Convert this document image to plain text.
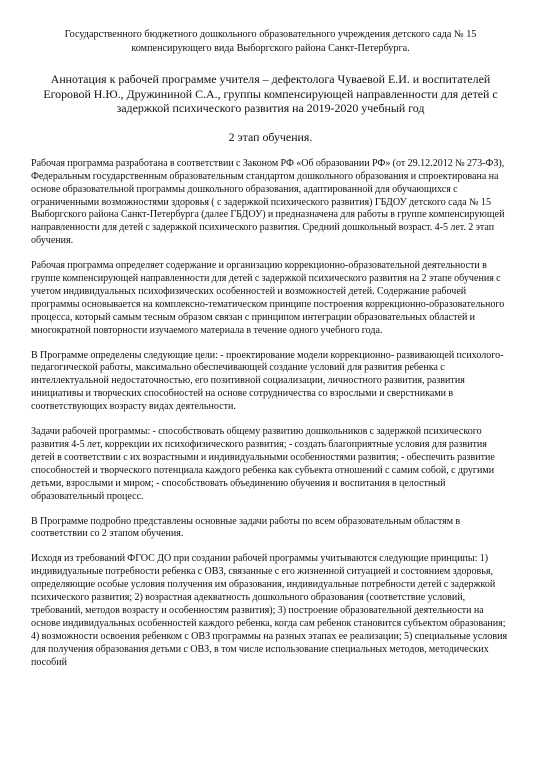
Государственного бюджетного дошкольного образовательного учреждения детского сада № 15 компенсирующего вида Выборгского района Санкт-Петербурга.
Аннотация к рабочей программе учителя – дефектолога Чуваевой Е.И. и воспитателей Егоровой Н.Ю., Дружининой С.А., группы компенсирующей направленности для детей с задержкой психического развития на 2019-2020 учебный год
2 этап обучения.

Рабочая программа разработана в соответствии с Законом РФ «Об образовании РФ» (от 29.12.2012 № 273-ФЗ), Федеральным государственным образовательным стандартом дошкольного образования и спроектирована на основе образовательной программы дошкольного образования, адаптированной для обучающихся с ограниченными возможностями здоровья ( с задержкой психического развития) ГБДОУ детского сада № 15 Выборгского района Санкт-Петербурга (далее ГБДОУ) и предназначена для работы в группе компенсирующей направленности для детей с задержкой психического развития. Средний дошкольный возраст. 4-5 лет. 2 этап обучения.

Рабочая программа определяет содержание и организацию коррекционно-образовательной деятельности в группе компенсирующей направленности для детей с задержкой психического развития на 2 этапе обучения с учетом индивидуальных психофизических особенностей и возможностей детей. Содержание рабочей программы основывается на комплексно-тематическом принципе построения коррекционно-образовательного процесса, который самым тесным образом связан с принципом интеграции образовательных областей и многократной повторности изучаемого материала в течение одного учебного года.

В Программе определены следующие цели: - проектирование модели коррекционно- развивающей психолого-педагогической работы, максимально обеспечивающей создание условий для развития ребенка с интеллектуальной недостаточностью, его позитивной социализации, личностного развития, развития инициативы и творческих способностей на основе сотрудничества со взрослыми и сверстниками в соответствующих возрасту видах деятельности.

Задачи рабочей программы: - способствовать общему развитию дошкольников с задержкой психического развития 4-5 лет, коррекции их психофизического развития; - создать благоприятные условия для развития детей в соответствии с их возрастными и индивидуальными особенностями развития; - обеспечить развитие способностей и творческого потенциала каждого ребенка как субъекта отношений с самим собой, с другими детьми, взрослыми и миром; - способствовать объединению обучения и воспитания в целостный образовательный процесс.

В Программе подробно представлены основные задачи работы по всем образовательным областям в соответствии со 2 этапом обучения.

Исходя из требований ФГОС ДО при создании рабочей программы учитываются следующие принципы: 1) индивидуальные потребности ребенка с ОВЗ, связанные с его жизненной ситуацией и состоянием здоровья, определяющие особые условия получения им образования, индивидуальные потребности детей с задержкой психического развития; 2) возрастная адекватность дошкольного образования (соответствие условий, требований, методов возрасту и особенностям развития); 3) построение образовательной деятельности на основе индивидуальных особенностей каждого ребенка, когда сам ребенок становится субъектом образования; 4) возможности освоения ребенком с ОВЗ программы на разных этапах ее реализации; 5) специальные условия для получения образования детьми с ОВЗ, в том числе использование специальных методов, методических пособий
